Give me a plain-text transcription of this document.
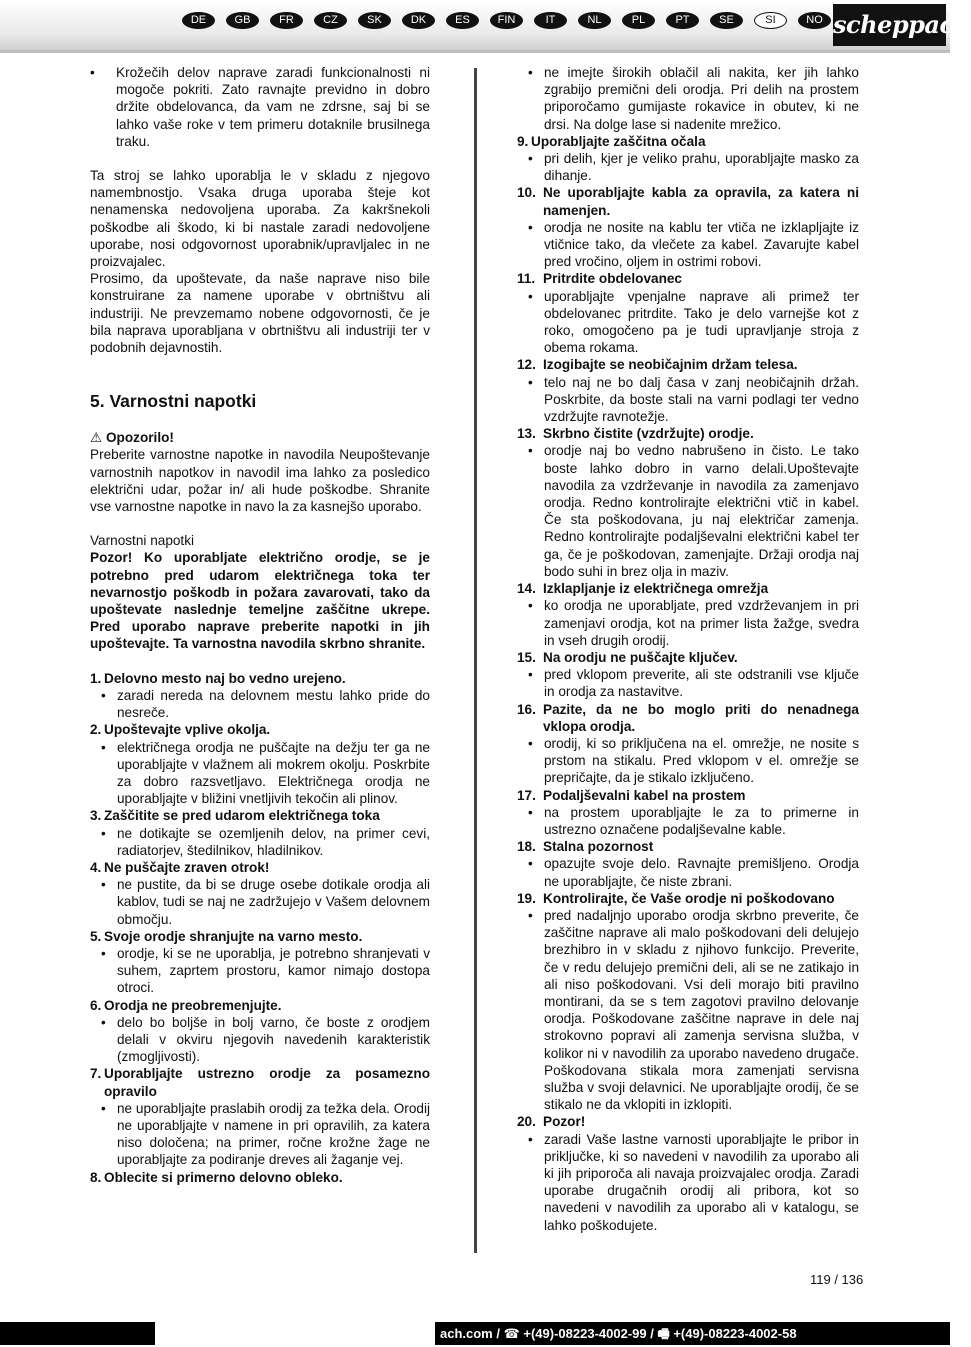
DE	GB	FR	CZ	SK	DK	ES	FIN	IT	NL	PL	PT	SE	SI	NO scheppach
• Krožečih delov naprave zaradi funkcionalnosti ni mogoče pokriti. Zato ravnajte previdno in dobro držite obdelovanca, da vam ne zdrsne, saj bi se lahko vaše roke v tem primeru dotaknile brusilnega traku.

Ta stroj se lahko uporablja le v skladu z njegovo namembnostjo. Vsaka druga uporaba šteje kot nenamenska nedovoljena uporaba. Za kakršnekoli poškodbe ali škodo, ki bi nastale zaradi nedovoljene uporabe, nosi odgovornost uporabnik/upravljalec in ne proizvajalec.

Prosimo, da upoštevate, da naše naprave niso bile konstruirane za namene uporabe v obrtništvu ali industriji. Ne prevzemamo nobene odgovornosti, če je bila naprava uporabljana v obrtništvu ali industriji ter v podobnih dejavnostih.

5. Varnostni napotki
⚠ Opozorilo!

Preberite varnostne napotke in navodila Neupoštevanje varnostnih napotkov in navodil ima lahko za posledico električni udar, požar in/ ali hude poškodbe. Shranite vse varnostne napotke in navo la za kasnejšo uporabo.

Varnostni napotki

Pozor! Ko uporabljate električno orodje, se je potrebno pred udarom električnega toka ter nevarnostjo poškodb in požara zavarovati, tako da upoštevate naslednje temeljne zaščitne ukrepe. Pred uporabo naprave preberite napotki in jih upoštevajte. Ta varnostna navodila skrbno shranite.

1. Delovno mesto naj bo vedno urejeno.
• zaradi nereda na delovnem mestu lahko pride do nesreče.
2. Upoštevajte vplive okolja.
• električnega orodja ne puščajte na dežju ter ga ne uporabljajte v vlažnem ali mokrem okolju. Poskrbite za dobro razsvetljavo. Električnega orodja ne uporabljajte v bližini vnetljivih tekočin ali plinov.
3. Zaščitite se pred udarom električnega toka
• ne dotikajte se ozemljenih delov, na primer cevi, radiatorjev, štedilnikov, hladilnikov.
4. Ne puščajte zraven otrok!
• ne pustite, da bi se druge osebe dotikale orodja ali kablov, tudi se naj ne zadržujejo v Vašem delovnem območju.
5. Svoje orodje shranjujte na varno mesto.
• orodje, ki se ne uporablja, je potrebno shranjevati v suhem, zaprtem prostoru, kamor nimajo dostopa otroci.
6. Orodja ne preobremenjujte.
• delo bo boljše in bolj varno, če boste z orodjem delali v okviru njegovih navedenih karakteristik (zmogljivosti).
7. Uporabljajte ustrezno orodje za posamezno opravilo
• ne uporabljajte praslabih orodij za težka dela. Orodij ne uporabljajte v namene in pri opravilih, za katera niso določena; na primer, ročne krožne žage ne uporabljajte za podiranje dreves ali žaganje vej.
8. Oblecite si primerno delovno obleko.
• ne imejte širokih oblačil ali nakita, ker jih lahko zgrabijo premični deli orodja. Pri delih na prostem priporočamo gumijaste rokavice in obutev, ki ne drsi. Na dolge lase si nadenite mrežico.
9. Uporabljajte zaščitna očala
• pri delih, kjer je veliko prahu, uporabljajte masko za dihanje.
10. Ne uporabljajte kabla za opravila, za katera ni namenjen.
• orodja ne nosite na kablu ter vtiča ne izklapljajte iz vtičnice tako, da vlečete za kabel. Zavarujte kabel pred vročino, oljem in ostrimi robovi.
11. Pritrdite obdelovanec
• uporabljajte vpenjalne naprave ali primež ter obdelovanec pritrdite. Tako je delo varnejše kot z roko, omogočeno pa je tudi upravljanje stroja z obema rokama.
12. Izogibajte se neobičajnim držam telesa.
• telo naj ne bo dalj časa v zanj neobičajnih držah. Poskrbite, da boste stali na varni podlagi ter vedno vzdržujte ravnotežje.
13. Skrbno čistite (vzdržujte) orodje.
• orodje naj bo vedno nabrušeno in čisto. Le tako boste lahko dobro in varno delali.Upoštevajte navodila za vzdrževanje in navodila za zamenjavo orodja. Redno kontrolirajte električni vtič in kabel. Če sta poškodovana, ju naj električar zamenja. Redno kontrolirajte podaljševalni električni kabel ter ga, če je poškodovan, zamenjajte. Držaji orodja naj bodo suhi in brez olja in maziv.
14. Izklapljanje iz električnega omrežja
• ko orodja ne uporabljate, pred vzdrževanjem in pri zamenjavi orodja, kot na primer lista žažge, svedra in vseh drugih orodij.
15. Na orodju ne puščajte ključev.
• pred vklopom preverite, ali ste odstranili vse ključe in orodja za nastavitve.
16. Pazite, da ne bo moglo priti do nenadnega vklopa orodja.
• orodij, ki so priključena na el. omrežje, ne nosite s prstom na stikalu. Pred vklopom v el. omrežje se prepričajte, da je stikalo izključeno.
17. Podaljševalni kabel na prostem
• na prostem uporabljajte le za to primerne in ustrezno označene podaljševalne kable.
18. Stalna pozornost
• opazujte svoje delo. Ravnajte premišljeno. Orodja ne uporabljajte, če niste zbrani.
19. Kontrolirajte, če Vaše orodje ni poškodovano
• pred nadaljnjo uporabo orodja skrbno preverite, če zaščitne naprave ali malo poškodovani deli delujejo brezhibro in v skladu z njihovo funkcijo. Preverite, če v redu delujejo premični deli, ali se ne zatikajo in ali niso poškodovani. Vsi deli morajo biti pravilno montirani, da se s tem zagotovi pravilno delovanje orodja. Poškodovane zaščitne naprave in dele naj strokovno popravi ali zamenja servisna služba, v kolikor ni v navodilih za uporabo navedeno drugače. Poškodovana stikala mora zamenjati servisna služba v svoji delavnici. Ne uporabljajte orodij, če se stikalo ne da vklopiti in izklopiti.
20. Pozor!
• zaradi Vaše lastne varnosti uporabljajte le pribor in priključke, ki so navedeni v navodilih za uporabo ali ki jih priporoča ali navaja proizvajalec orodja. Zaradi uporabe drugačnih orodij ali pribora, kot so navedeni v navodilih za uporabo ali v katalogu, se lahko poškodujete.
119 / 136
ach.com / ☎ +(49)-08223-4002-99 / 🖷 +(49)-08223-4002-58
